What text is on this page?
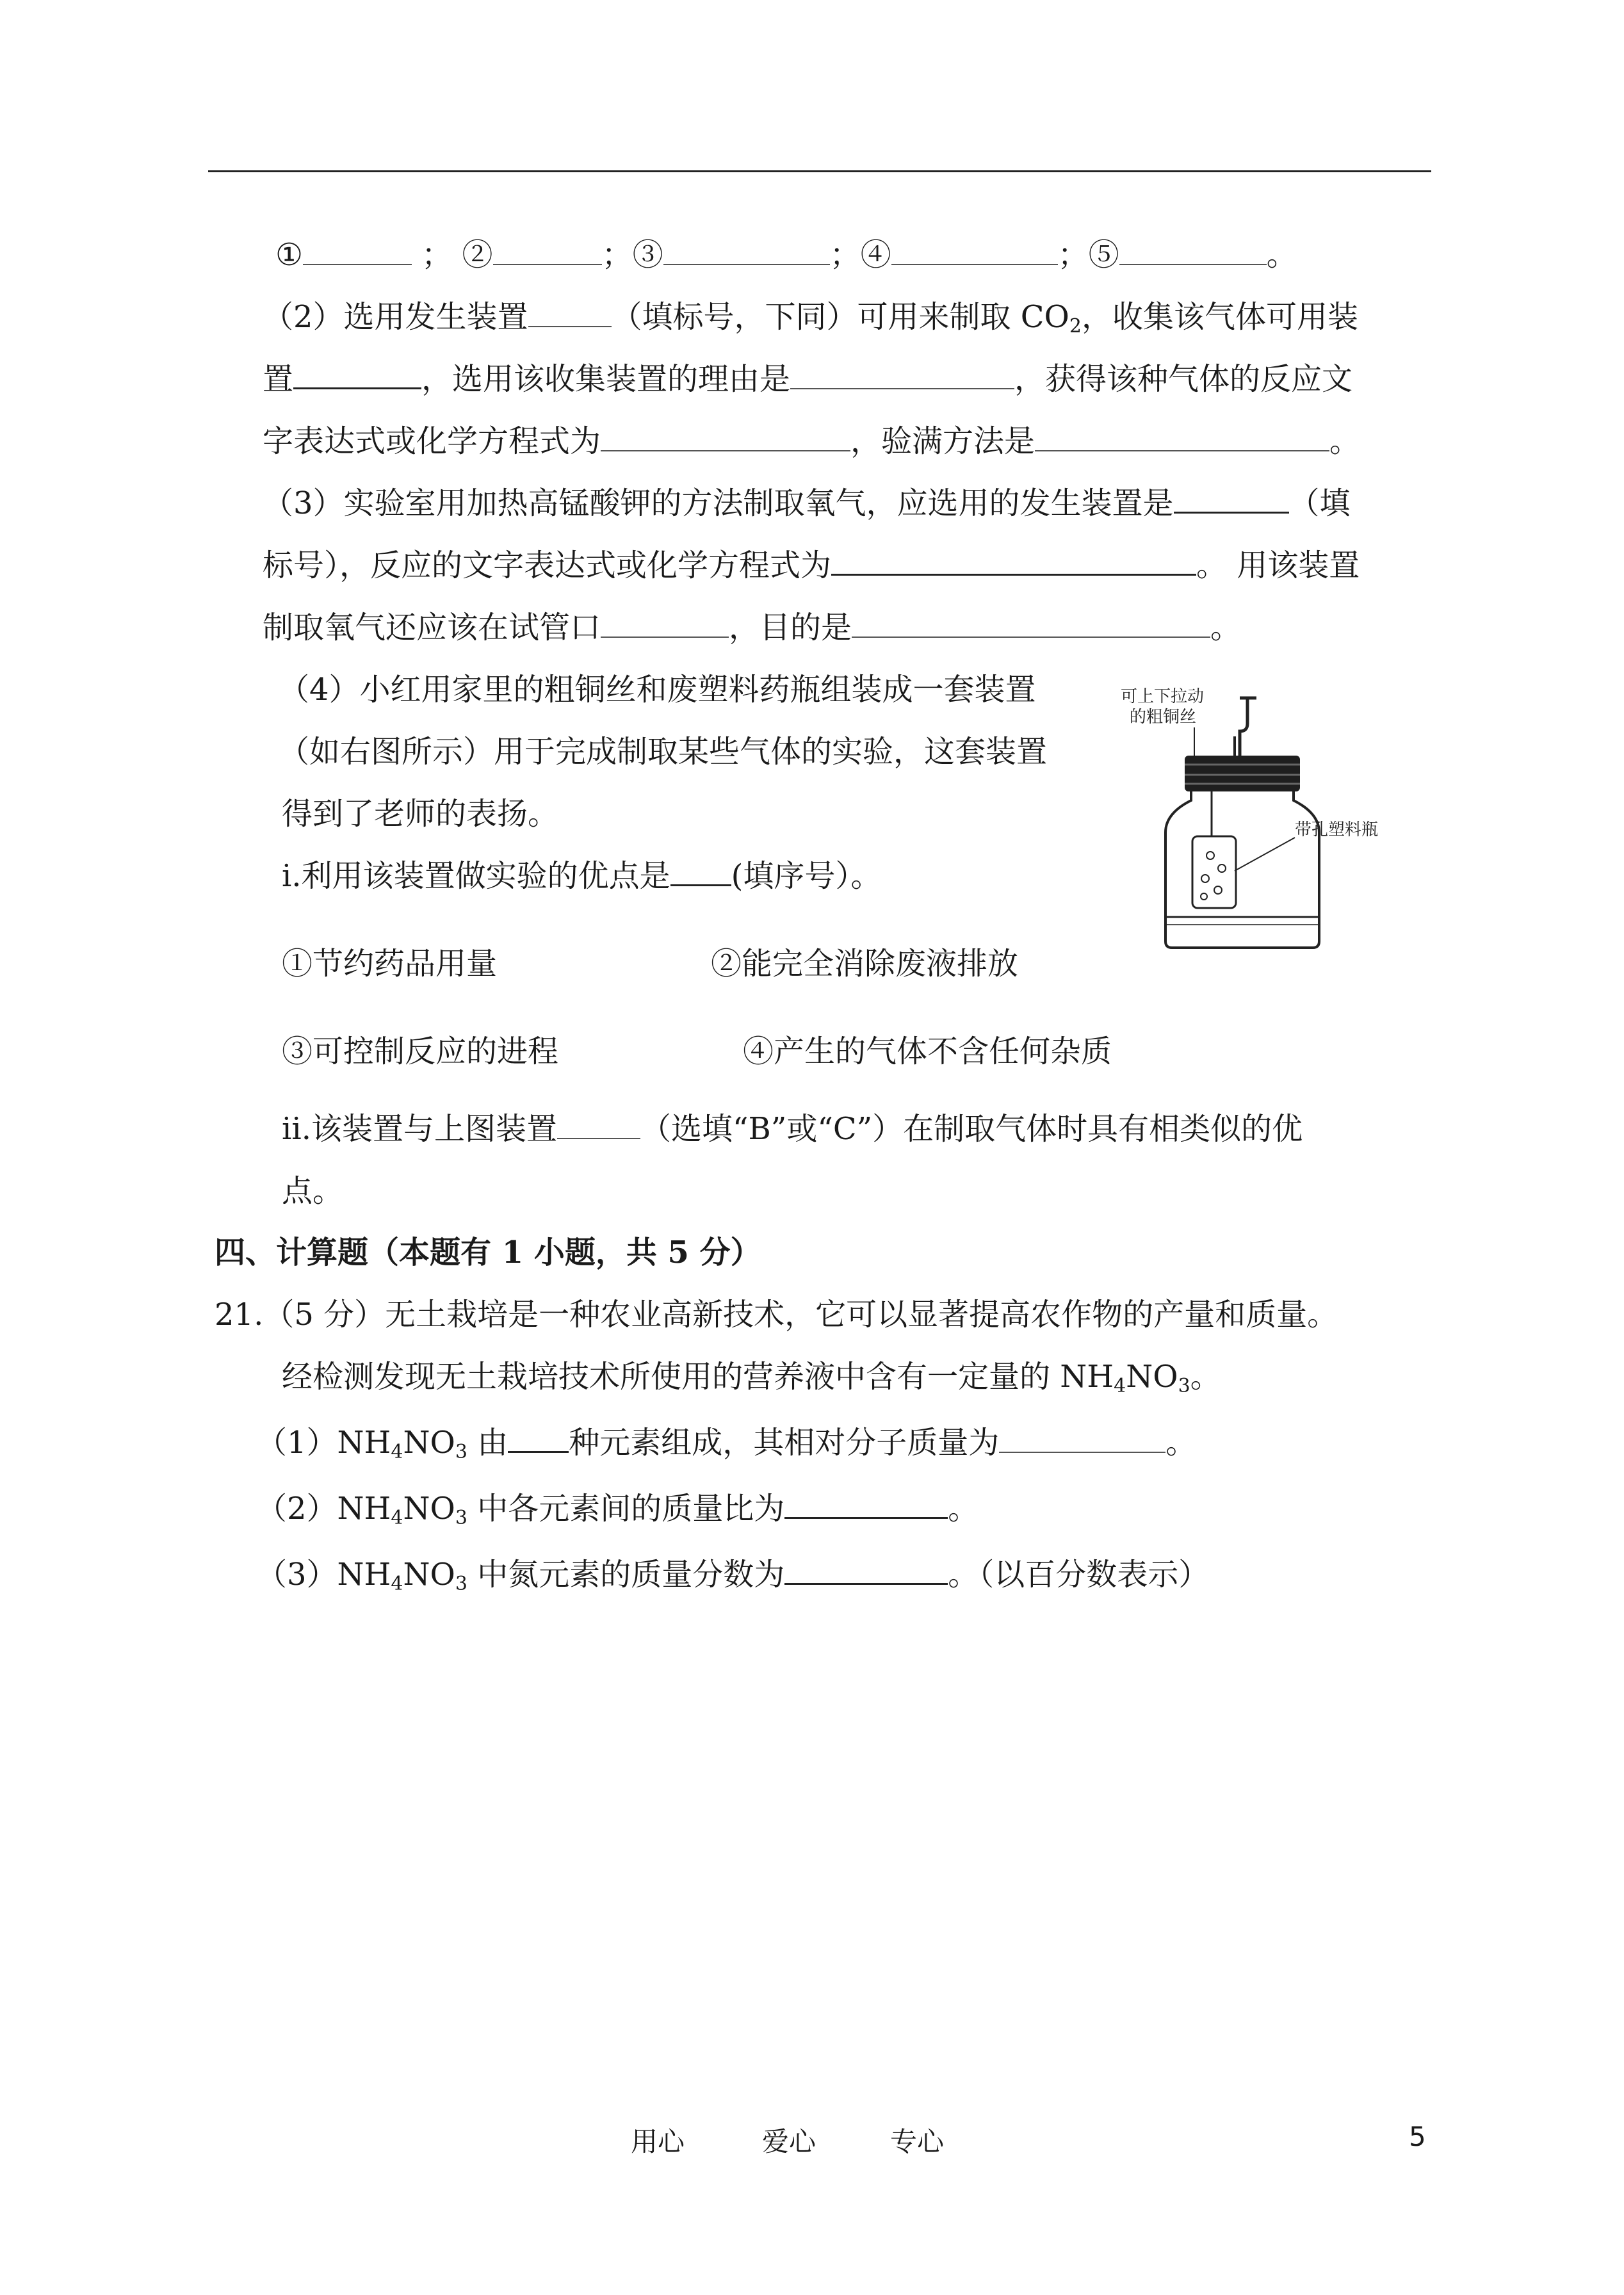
①	； ②	；③	；④	；⑤	。
（2）选用发生装置	（填标号，下同）可用来制取 $CO_2$，收集该气体可用装
置	，选用该收集装置的理由是	，获得该种气体的反应文
字表达式或化学方程式为	，验满方法是	。
（3）实验室用加热高锰酸钾的方法制取氧气，应选用的发生装置是	（填
标号），反应的文字表达式或化学方程式为	。 用该装置
制取氧气还应该在试管口	，目的是	。
（4）小红用家里的粗铜丝和废塑料药瓶组装成一套装置
（如右图所示）用于完成制取某些气体的实验，这套装置
得到了老师的表扬。
i.利用该装置做实验的优点是 (填序号）。
①节约药品用量	②能完全消除废液排放
③可控制反应的进程	④产生的气体不含任何杂质
ii.该装置与上图装置	（选填“B”或“C”）在制取气体时具有相类似的优
点。
可上下拉动
的粗铜丝
带孔塑料瓶
四、计算题（本题有 1 小题，共 5 分）
21.（5 分）无土栽培是一种农业高新技术，它可以显著提高农作物的产量和质量。
经检测发现无土栽培技术所使用的营养液中含有一定量的 $NH_4NO_3$。
$(1)NH_4NO_3$ 由 种元素组成，其相对分子质量为	。
$(2)NH_4NO_3$ 中各元素间的质量比为	。
$(3)NH_4NO_3$ 中氮元素的质量分数为	。（以百分数表示）
用心	爱心	专心	5
